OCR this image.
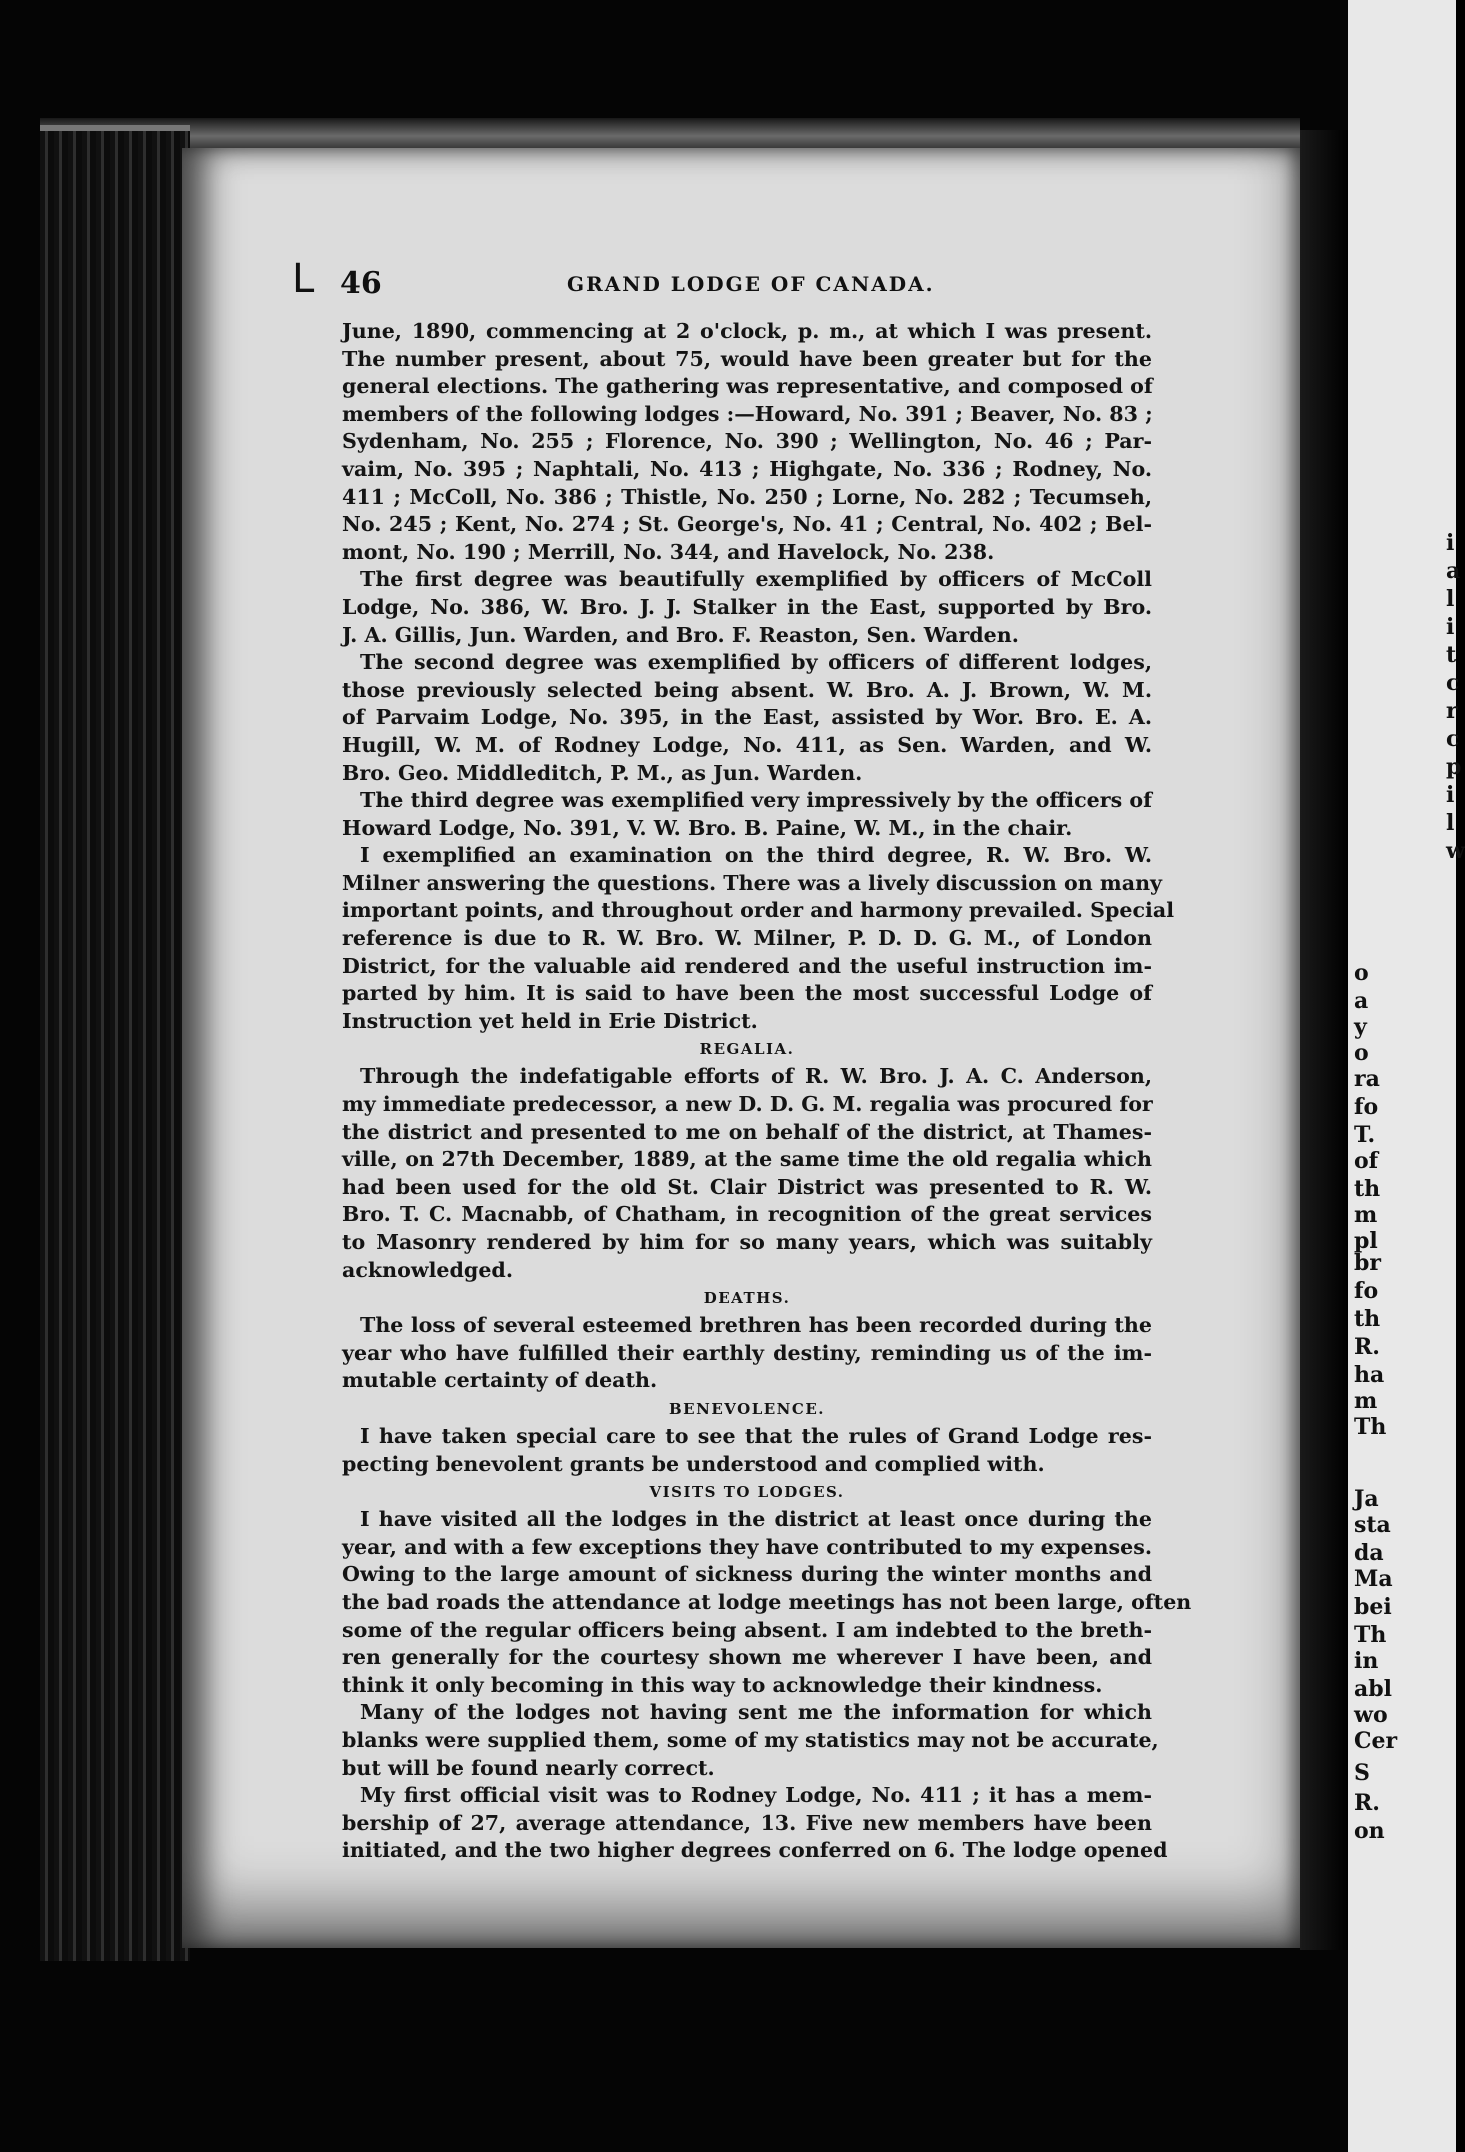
L 46	GRAND LODGE OF CANADA.
June, 1890, commencing at 2 o'clock, p. m., at which I was present.
The number present, about 75, would have been greater but for the
general elections. The gathering was representative, and composed of
members of the following lodges :—Howard, No. 391 ; Beaver, No. 83 ;
Sydenham, No. 255 ; Florence, No. 390 ; Wellington, No. 46 ; Par-
vaim, No. 395 ; Naphtali, No. 413 ; Highgate, No. 336 ; Rodney, No.
411 ; McColl, No. 386 ; Thistle, No. 250 ; Lorne, No. 282 ; Tecumseh,
No. 245 ; Kent, No. 274 ; St. George's, No. 41 ; Central, No. 402 ; Bel-
mont, No. 190 ; Merrill, No. 344, and Havelock, No. 238.
The first degree was beautifully exemplified by officers of McColl
Lodge, No. 386, W. Bro. J. J. Stalker in the East, supported by Bro.
J. A. Gillis, Jun. Warden, and Bro. F. Reaston, Sen. Warden.
The second degree was exemplified by officers of different lodges,
those previously selected being absent. W. Bro. A. J. Brown, W. M.
of Parvaim Lodge, No. 395, in the East, assisted by Wor. Bro. E. A.
Hugill, W. M. of Rodney Lodge, No. 411, as Sen. Warden, and W.
Bro. Geo. Middleditch, P. M., as Jun. Warden.
The third degree was exemplified very impressively by the officers of
Howard Lodge, No. 391, V. W. Bro. B. Paine, W. M., in the chair.
I exemplified an examination on the third degree, R. W. Bro. W.
Milner answering the questions. There was a lively discussion on many
important points, and throughout order and harmony prevailed. Special
reference is due to R. W. Bro. W. Milner, P. D. D. G. M., of London
District, for the valuable aid rendered and the useful instruction im-
parted by him. It is said to have been the most successful Lodge of
Instruction yet held in Erie District.
REGALIA.
Through the indefatigable efforts of R. W. Bro. J. A. C. Anderson,
my immediate predecessor, a new D. D. G. M. regalia was procured for
the district and presented to me on behalf of the district, at Thames-
ville, on 27th December, 1889, at the same time the old regalia which
had been used for the old St. Clair District was presented to R. W.
Bro. T. C. Macnabb, of Chatham, in recognition of the great services
to Masonry rendered by him for so many years, which was suitably
acknowledged.
DEATHS.
The loss of several esteemed brethren has been recorded during the
year who have fulfilled their earthly destiny, reminding us of the im-
mutable certainty of death.
BENEVOLENCE.
I have taken special care to see that the rules of Grand Lodge res-
pecting benevolent grants be understood and complied with.
VISITS TO LODGES.
I have visited all the lodges in the district at least once during the
year, and with a few exceptions they have contributed to my expenses.
Owing to the large amount of sickness during the winter months and
the bad roads the attendance at lodge meetings has not been large, often
some of the regular officers being absent. I am indebted to the breth-
ren generally for the courtesy shown me wherever I have been, and
think it only becoming in this way to acknowledge their kindness.
Many of the lodges not having sent me the information for which
blanks were supplied them, some of my statistics may not be accurate,
but will be found nearly correct.
My first official visit was to Rodney Lodge, No. 411 ; it has a mem-
bership of 27, average attendance, 13. Five new members have been
initiated, and the two higher degrees conferred on 6. The lodge opened
i
a
l
i
t
c
r
c
p
i
l
w
o
a
y
o
ra
fo
T.
of
th
m
pl
br
fo
th
R.
ha
m
Th
Ja
sta
da
Ma
bei
Th
in
abl
wo
Cer
S
R.
on
